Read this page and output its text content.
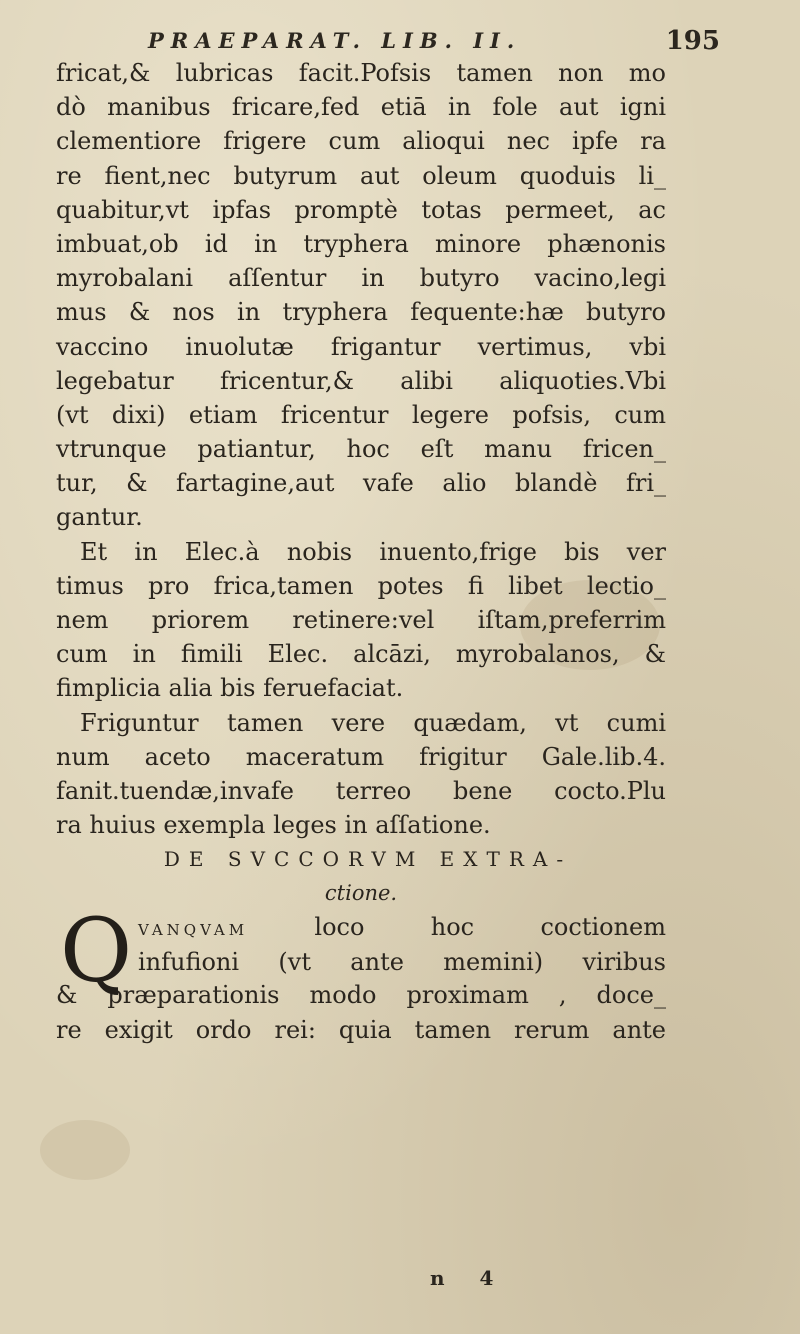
PRAEPARAT. LIB. II.	195
fricat,& lubricas facit.Pofsis tamen non mo
dò manibus fricare,fed etiā in fole aut igni
clementiore frigere cum alioqui nec ipfe ra
re fient,nec butyrum aut oleum quoduis li_
quabitur,vt ipfas promptè totas permeet, ac
imbuat,ob id in tryphera minore phænonis
myrobalani aſſentur in butyro vacino,legi
mus & nos in tryphera fequente:hæ butyro
vaccino inuolutæ frigantur vertimus, vbi
legebatur fricentur,& alibi aliquoties.Vbi
(vt dixi) etiam fricentur legere pofsis, cum
vtrunque patiantur, hoc eſt manu fricen_
tur, & fartagine,aut vafe alio blandè fri_
gantur.
Et in Elec.à nobis inuento,frige bis ver
timus pro frica,tamen potes fi libet lectio_
nem priorem retinere:vel iſtam,preferrim
cum in fimili Elec. alcāzi, myrobalanos, &
fimplicia alia bis feruefaciat.
Friguntur tamen vere quædam, vt cumi
num aceto maceratum frigitur Gale.lib.4.
fanit.tuendæ,invafe terreo bene cocto.Plu
ra huius exempla leges in aſſatione.
DE SVCCORVM EXTRA-
ctione.
Q VANQVAM	loco hoc coctionem
infufioni (vt ante memini) viribus
& præparationis modo proximam , doce_
re exigit ordo rei: quia tamen rerum ante
n 4
